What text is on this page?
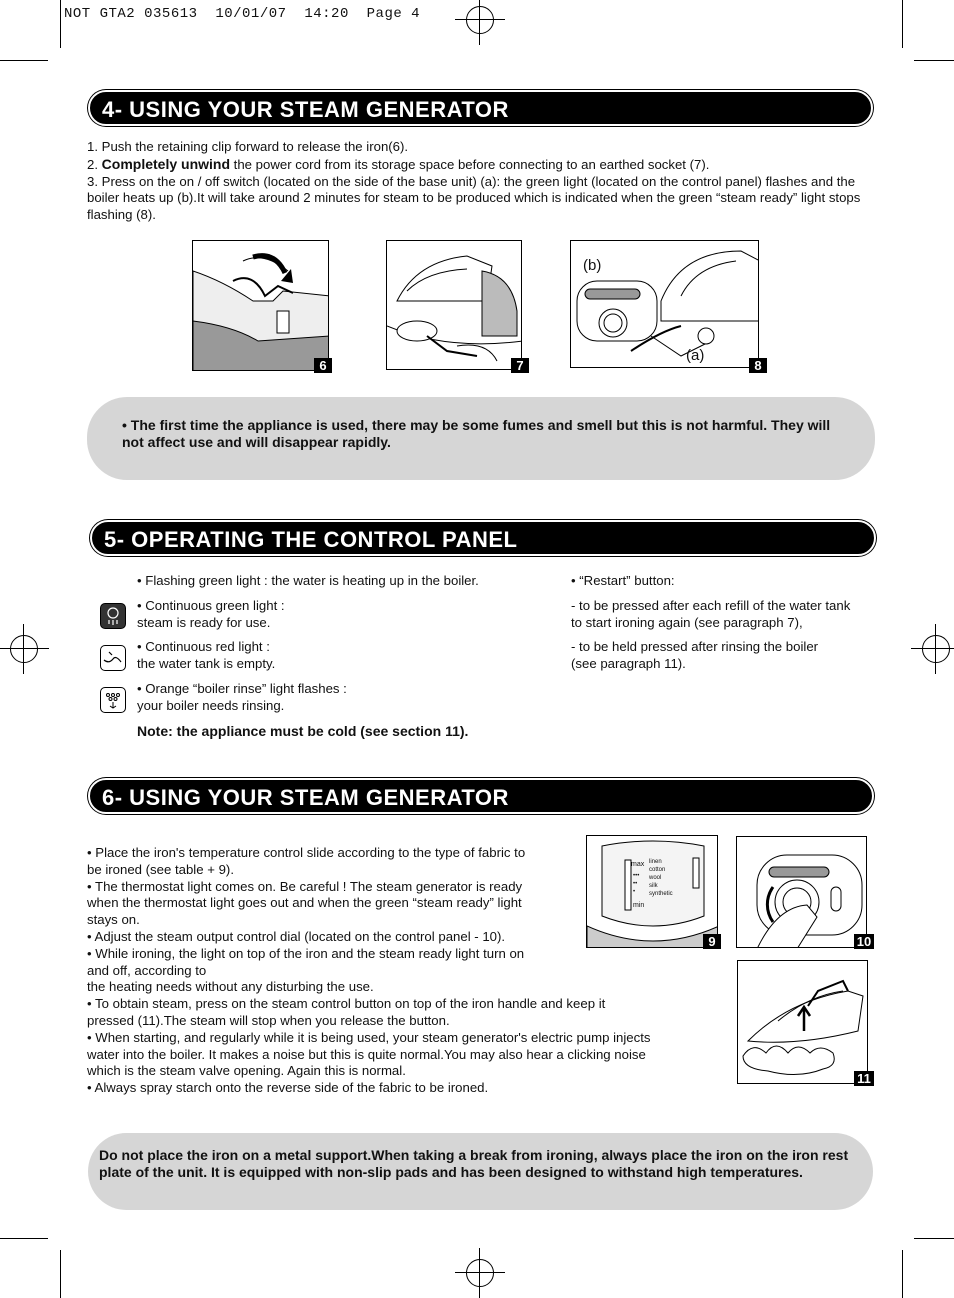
NOT GTA2 035613  10/01/07  14:20  Page 4
4- USING YOUR STEAM GENERATOR

1. Push the retaining clip forward to release the iron(6).

2. Completely unwind the power cord from its storage space before connecting to an earthed socket (7).

3. Press on the on / off switch (located on the side of the base unit) (a): the green light (located on the control panel) flashes and the boiler heats up (b).It will take around 2 minutes for steam to be produced which is indicated when the green “steam ready” light stops flashing (8).

6	7
(b)
(a)
8
• The first time the appliance is used, there may be some fumes and smell but this is not harmful. They will not affect use and will disappear rapidly.
5- OPERATING THE CONTROL PANEL

• Flashing green light : the water is heating up in the boiler.

• Continuous green light :

steam is ready for use.

• Continuous red light :

the water tank is empty.

• Orange “boiler rinse” light flashes :

your boiler needs rinsing.

Note: the appliance must be cold (see section 11).

• “Restart” button:

- to be pressed after each refill of the water tank

to start ironing again (see paragraph 7),

- to be held pressed after rinsing the boiler

(see paragraph 11).

6- USING YOUR STEAM GENERATOR

• Place the iron's temperature control slide according to the type of fabric to

be ironed (see table + 9).

• The thermostat light comes on. Be careful ! The steam generator is ready

when the thermostat light goes out and when the green “steam ready” light

stays on.

• Adjust the steam output control dial (located on the control panel - 10).

• While ironing, the light on top of the iron and the steam ready light turn on

and off, according to

the heating needs without any disturbing the use.

• To obtain steam, press on the steam control button on top of the iron handle and keep it

pressed (11).The steam will stop when you release the button.

• When starting, and regularly while it is being used, your steam generator's electric pump injects

water into the boiler. It makes a noise but this is quite normal.You may also hear a clicking noise

which is the steam valve opening. Again this is normal.

• Always spray starch onto the reverse side of the fabric to be ironed.

max linen

cotton

wool

silk

synthetic

•••

••

•

min
9	10
11
Do not place the iron on a metal support.When taking a break from ironing, always place the iron on the iron rest plate of the unit. It is equipped with non-slip pads and has been designed to withstand high temperatures.
